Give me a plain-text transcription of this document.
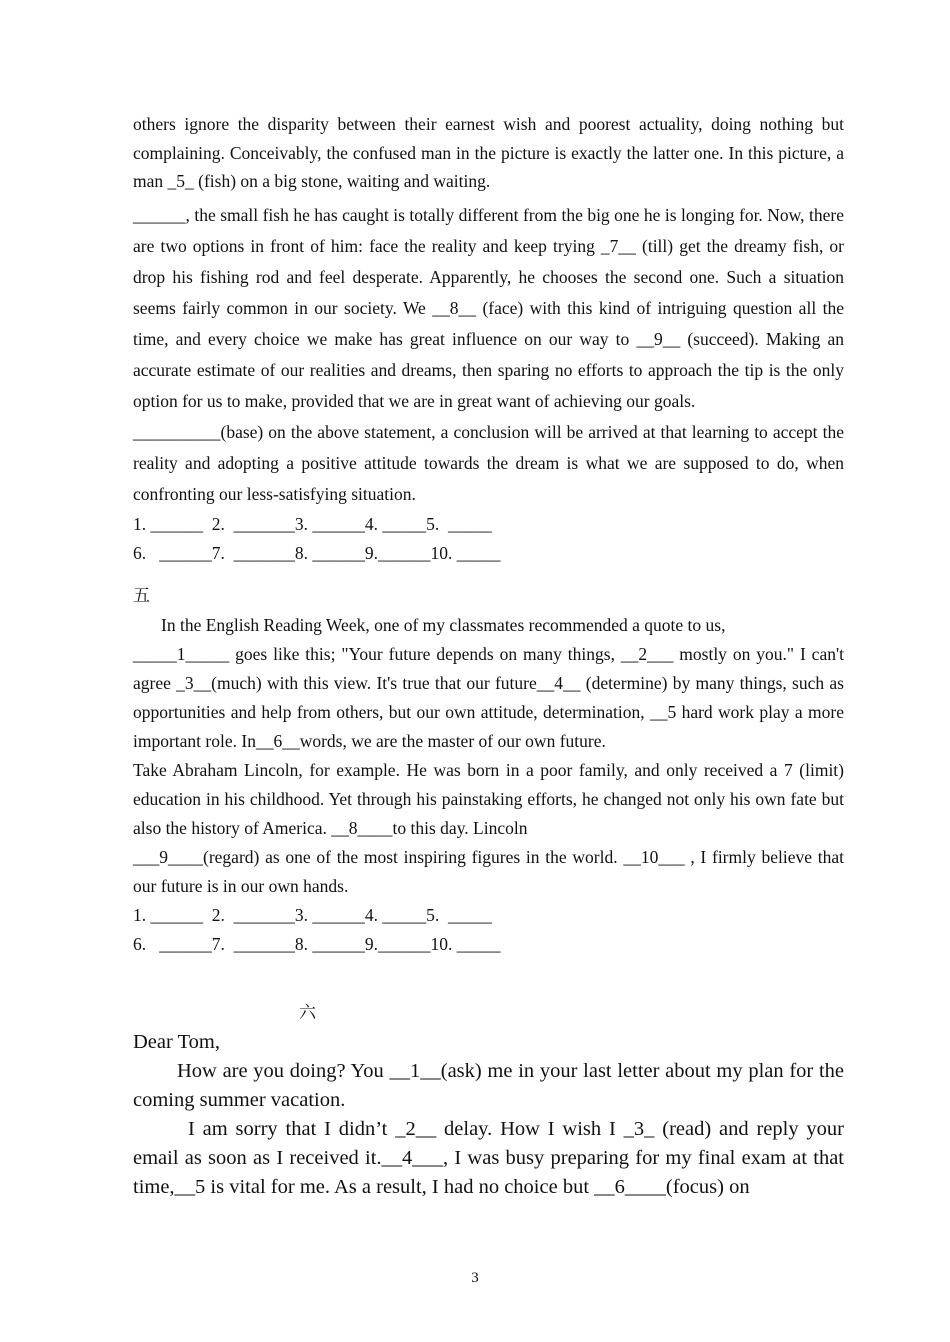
others ignore the disparity between their earnest wish and poorest actuality, doing nothing but complaining. Conceivably, the confused man in the picture is exactly the latter one. In this picture, a man _5_ (fish) on a big stone, waiting and waiting.

______, the small fish he has caught is totally different from the big one he is longing for. Now, there are two options in front of him: face the reality and keep trying _7__ (till) get the dreamy fish, or drop his fishing rod and feel desperate. Apparently, he chooses the second one. Such a situation seems fairly common in our society. We __8__ (face) with this kind of intriguing question all the time, and every choice we make has great influence on our way to __9__ (succeed). Making an accurate estimate of our realities and dreams, then sparing no efforts to approach the tip is the only option for us to make, provided that we are in great want of achieving our goals.

__________(base) on the above statement, a conclusion will be arrived at that learning to accept the reality and adopting a positive attitude towards the dream is what we are supposed to do, when confronting our less-satisfying situation.

1. ______  2.  _______3. ______4. _____5.  _____

6.   ______7.  _______8. ______9.______10. _____

五

In the English Reading Week, one of my classmates recommended a quote to us,

_____1_____ goes like this; "Your future depends on many things, __2___ mostly on you." I can't agree _3__(much) with this view. It's true that our future__4__ (determine) by many things, such as opportunities and help from others, but our own attitude, determination, __5 hard work play a more important role. In__6__words, we are the master of our own future.

Take Abraham Lincoln, for example. He was born in a poor family, and only received a 7 (limit) education in his childhood. Yet through his painstaking efforts, he changed not only his own fate but also the history of America. __8____to this day. Lincoln

___9____(regard) as one of the most inspiring figures in the world. __10___ , I firmly believe that our future is in our own hands.

1. ______  2.  _______3. ______4. _____5.  _____

6.   ______7.  _______8. ______9.______10. _____

六

Dear Tom,

How are you doing? You __1__(ask) me in your last letter about my plan for the coming summer vacation.

I am sorry that I didn’t _2__ delay. How I wish I _3_ (read) and reply your email as soon as I received it.__4___, I was busy preparing for my final exam at that time,__5 is vital for me. As a result, I had no choice but __6____(focus) on

3
